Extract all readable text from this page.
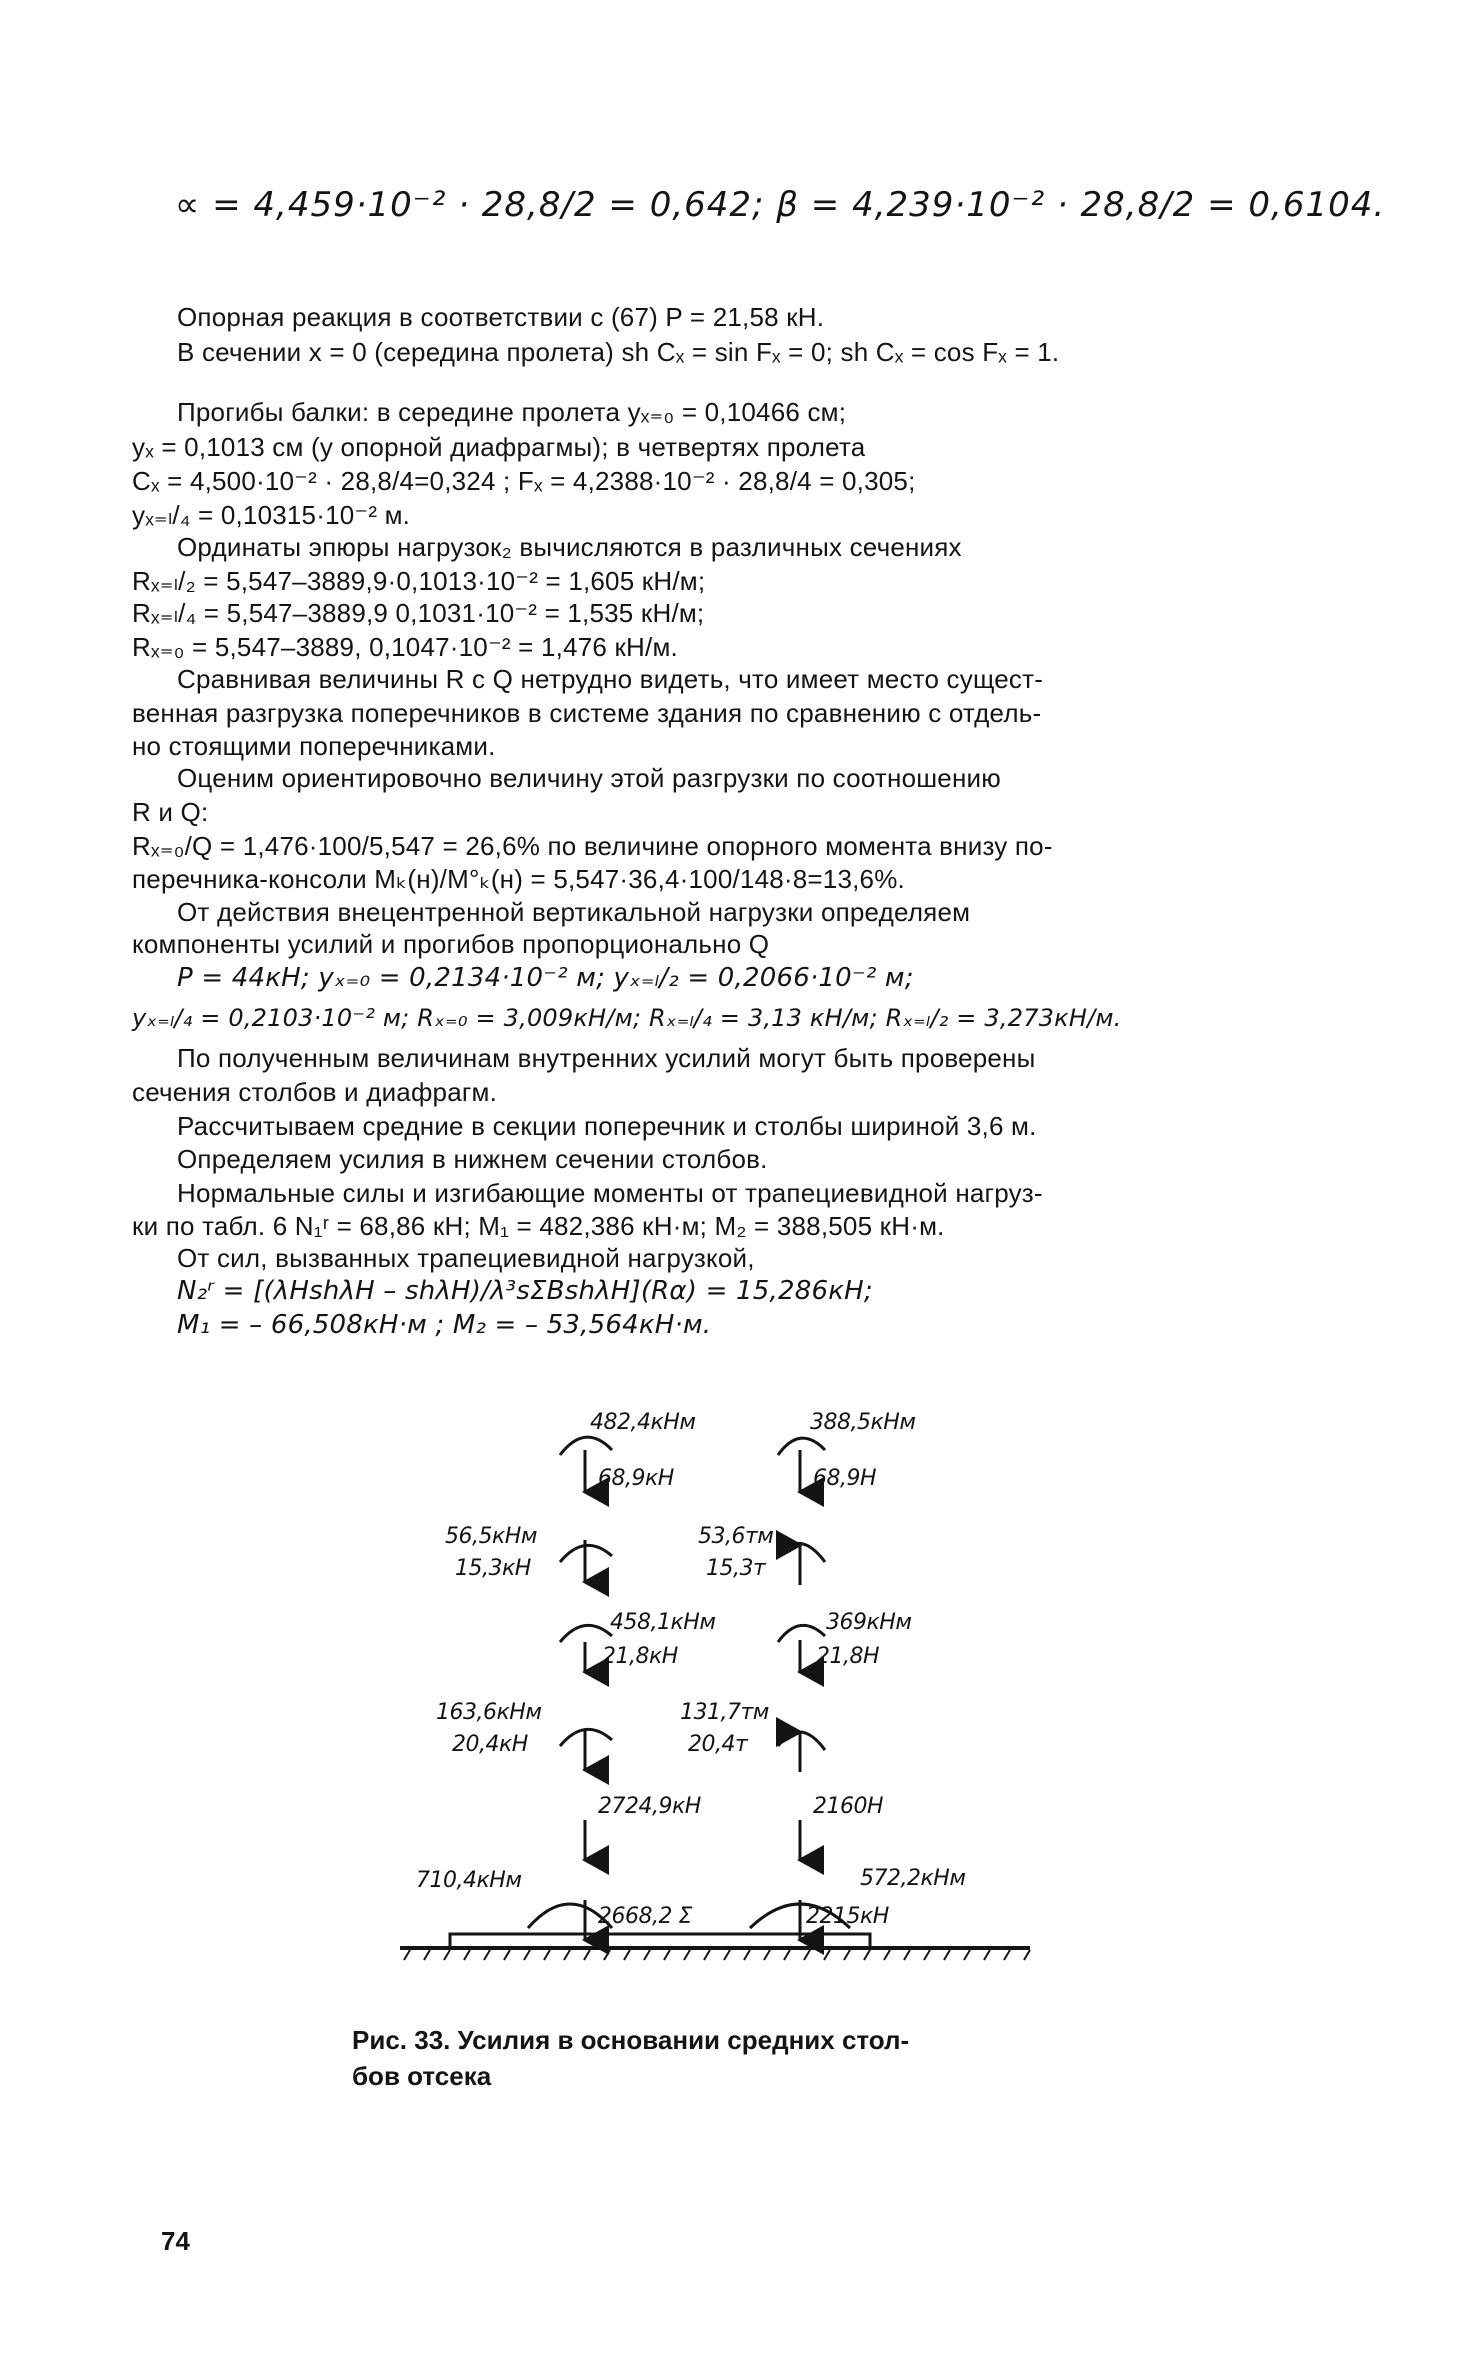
∝ = 4,459·10⁻² · 28,8/2 = 0,642; β = 4,239·10⁻² · 28,8/2 = 0,6104.
Опорная реакция в соответствии с (67) P = 21,58 кН.
В сечении x = 0 (середина пролета) sh Cₓ = sin Fₓ = 0; sh Cₓ = cos Fₓ = 1.
Прогибы балки: в середине пролета yₓ₌₀ = 0,10466 см;
yₓ = 0,1013 см (у опорной диафрагмы); в четвертях пролета
Cₓ = 4,500·10⁻² · 28,8/4=0,324 ; Fₓ = 4,2388·10⁻² · 28,8/4 = 0,305;
yₓ₌ₗ/₄ = 0,10315·10⁻² м.
Ординаты эпюры нагрузок₂ вычисляются в различных сечениях
Rₓ₌ₗ/₂ = 5,547–3889,9·0,1013·10⁻² = 1,605 кН/м;
Rₓ₌ₗ/₄ = 5,547–3889,9 0,1031·10⁻² = 1,535 кН/м;
Rₓ₌₀ = 5,547–3889, 0,1047·10⁻² = 1,476 кН/м.
Сравнивая величины R с Q нетрудно видеть, что имеет место сущест-
венная разгрузка поперечников в системе здания по сравнению с отдель-
но стоящими поперечниками.
Оценим ориентировочно величину этой разгрузки по соотношению
R и Q:
Rₓ₌₀/Q = 1,476·100/5,547 = 26,6% по величине опорного момента внизу по-
перечника-консоли Mₖ(н)/M°ₖ(н) = 5,547·36,4·100/148·8=13,6%.
От действия внецентренной вертикальной нагрузки определяем
компоненты усилий и прогибов пропорционально Q
P = 44кН; yₓ₌₀ = 0,2134·10⁻² м; yₓ₌ₗ/₂ = 0,2066·10⁻² м;
yₓ₌ₗ/₄ = 0,2103·10⁻² м; Rₓ₌₀ = 3,009кН/м; Rₓ₌ₗ/₄ = 3,13 кН/м; Rₓ₌ₗ/₂ = 3,273кН/м.
По полученным величинам внутренних усилий могут быть проверены
сечения столбов и диафрагм.
Рассчитываем средние в секции поперечник и столбы шириной 3,6 м.
Определяем усилия в нижнем сечении столбов.
Нормальные силы и изгибающие моменты от трапециевидной нагруз-
ки по табл. 6 N₁ʳ = 68,86 кН; M₁ = 482,386 кН·м; M₂ = 388,505 кН·м.
От сил, вызванных трапециевидной нагрузкой,
N₂ʳ = [(λHshλH – shλH)/λ³sΣBshλH](Rα) = 15,286кН;
M₁ = – 66,508кН·м ; M₂ = – 53,564кН·м.
482,4кНм	388,5кНм
68,9кН	68,9Н
56,5кНм
15,3кН
53,6тм
15,3т
458,1кНм
21,8кН
369кНм
21,8Н
163,6кНм
20,4кН
131,7тм
20,4т
2724,9кН	2160Н
710,4кНм
2668,2 Σ
572,2кНм
2215кН
Рис. 33. Усилия в основании средних стол-
бов отсека
74
